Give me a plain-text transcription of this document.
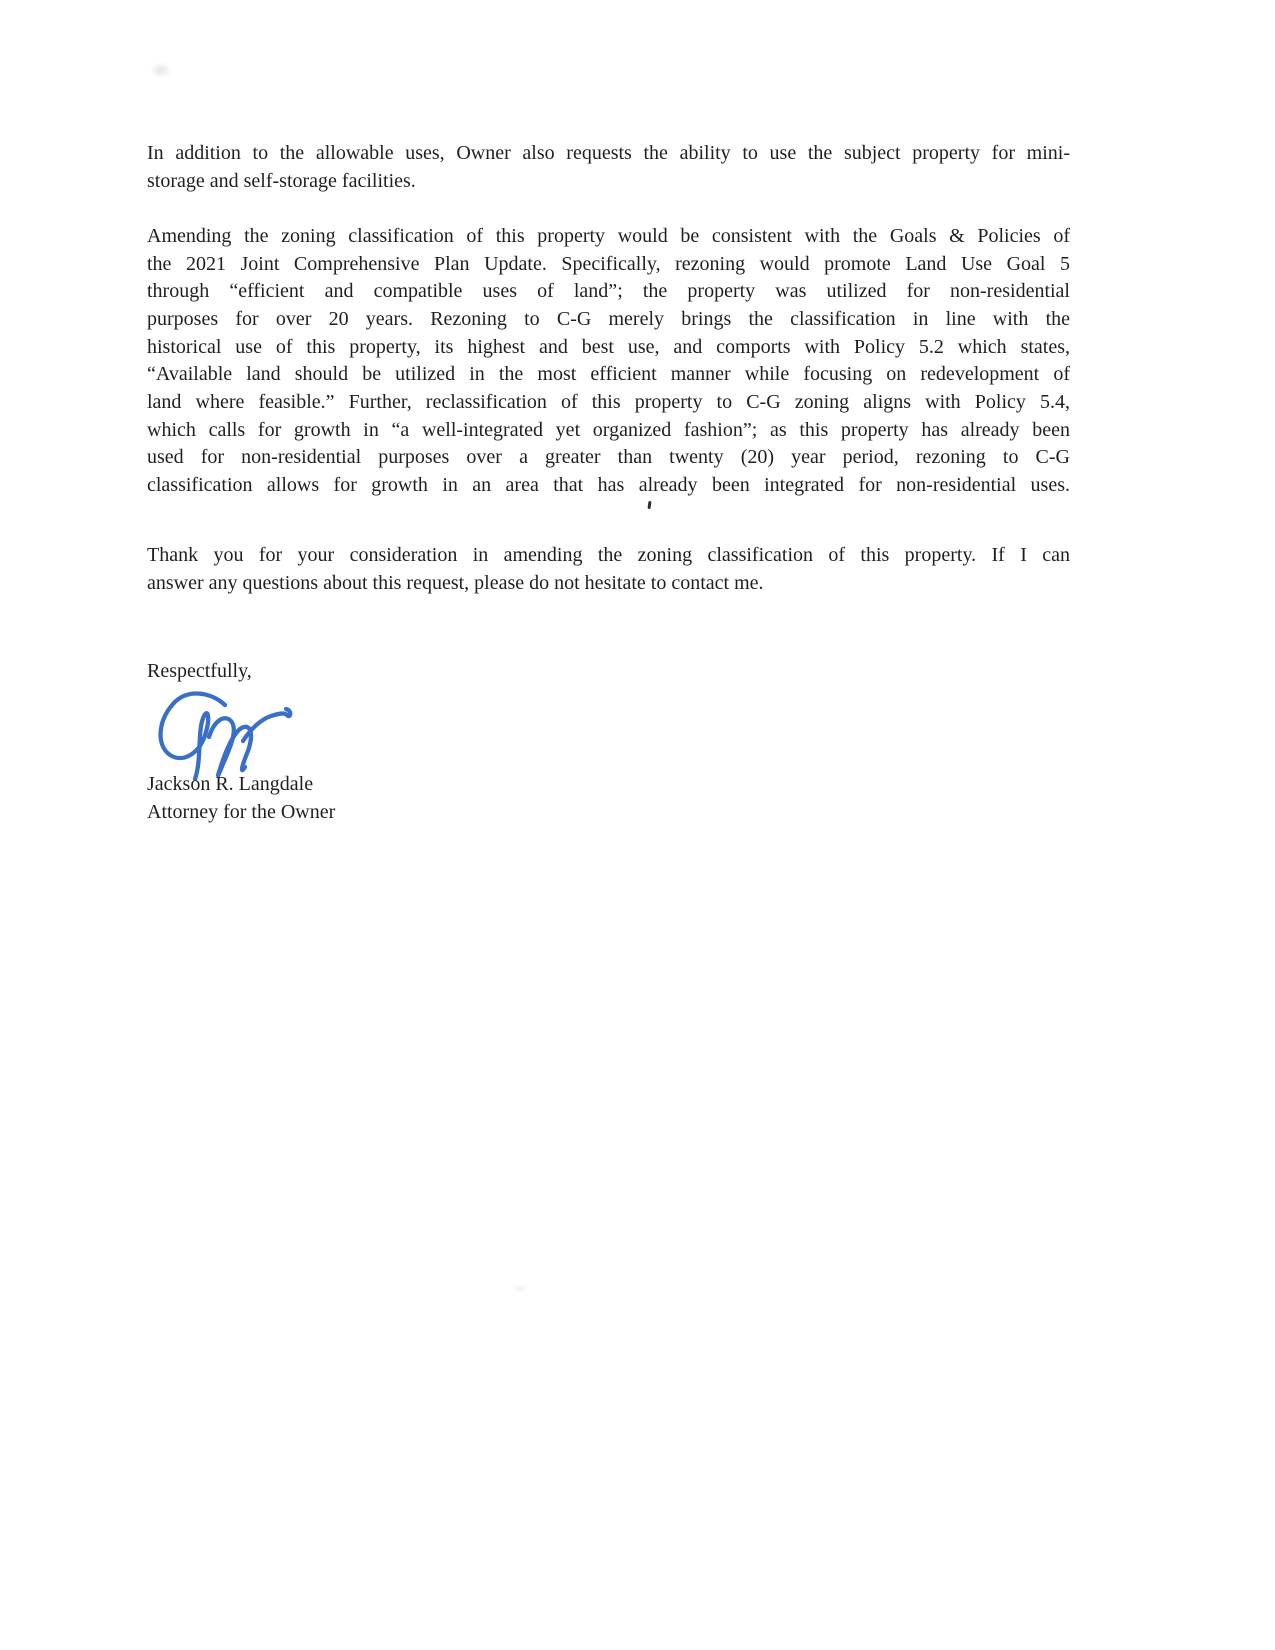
In addition to the allowable uses, Owner also requests the ability to use the subject property for mini-
storage and self-storage facilities.
Amending the zoning classification of this property would be consistent with the Goals & Policies of
the 2021 Joint Comprehensive Plan Update. Specifically, rezoning would promote Land Use Goal 5
through “efficient and compatible uses of land”; the property was utilized for non-residential
purposes for over 20 years. Rezoning to C-G merely brings the classification in line with the
historical use of this property, its highest and best use, and comports with Policy 5.2 which states,
“Available land should be utilized in the most efficient manner while focusing on redevelopment of
land where feasible.” Further, reclassification of this property to C-G zoning aligns with Policy 5.4,
which calls for growth in “a well-integrated yet organized fashion”; as this property has already been
used for non-residential purposes over a greater than twenty (20) year period, rezoning to C-G
classification allows for growth in an area that has already been integrated for non-residential uses.
Thank you for your consideration in amending the zoning classification of this property. If I can
answer any questions about this request, please do not hesitate to contact me.
Respectfully,
Jackson R. Langdale
Attorney for the Owner
